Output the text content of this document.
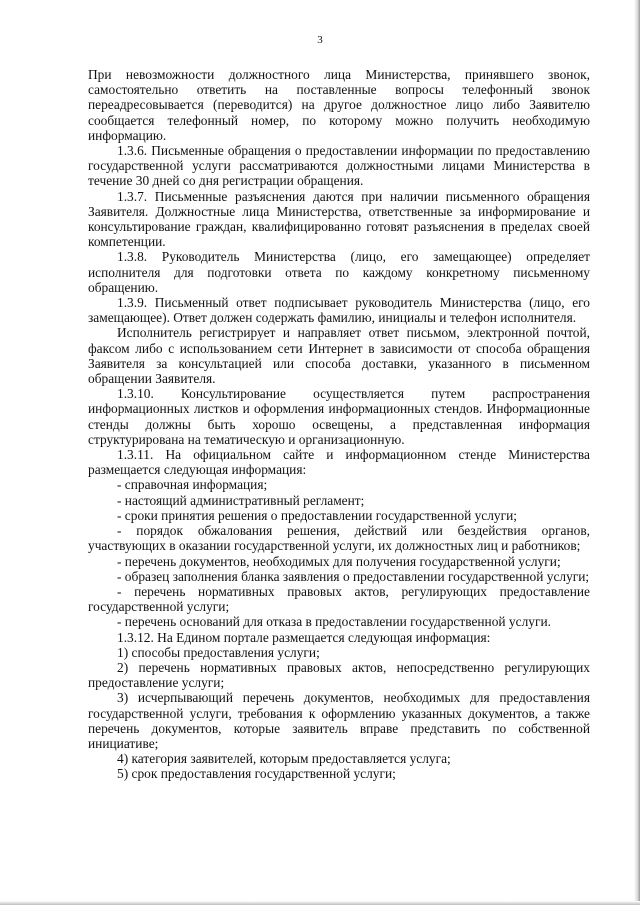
3

При невозможности должностного лица Министерства, принявшего звонок, самостоятельно ответить на поставленные вопросы телефонный звонок переадресовывается (переводится) на другое должностное лицо либо Заявителю сообщается телефонный номер, по которому можно получить необходимую информацию.

1.3.6. Письменные обращения о предоставлении информации по предоставлению государственной услуги рассматриваются должностными лицами Министерства в течение 30 дней со дня регистрации обращения.

1.3.7. Письменные разъяснения даются при наличии письменного обращения Заявителя. Должностные лица Министерства, ответственные за информирование и консультирование граждан, квалифицированно готовят разъяснения в пределах своей компетенции.

1.3.8. Руководитель Министерства (лицо, его замещающее) определяет исполнителя для подготовки ответа по каждому конкретному письменному обращению.

1.3.9. Письменный ответ подписывает руководитель Министерства (лицо, его замещающее). Ответ должен содержать фамилию, инициалы и телефон исполнителя.

Исполнитель регистрирует и направляет ответ письмом, электронной почтой, факсом либо с использованием сети Интернет в зависимости от способа обращения Заявителя за консультацией или способа доставки, указанного в письменном обращении Заявителя.

1.3.10. Консультирование осуществляется путем распространения информационных листков и оформления информационных стендов. Информационные стенды должны быть хорошо освещены, а представленная информация структурирована на тематическую и организационную.

1.3.11. На официальном сайте и информационном стенде Министерства размещается следующая информация:

- справочная информация;

- настоящий административный регламент;

- сроки принятия решения о предоставлении государственной услуги;

- порядок обжалования решения, действий или бездействия органов, участвующих в оказании государственной услуги, их должностных лиц и работников;

- перечень документов, необходимых для получения государственной услуги;

- образец заполнения бланка заявления о предоставлении государственной услуги;

- перечень нормативных правовых актов, регулирующих предоставление государственной услуги;

- перечень оснований для отказа в предоставлении государственной услуги.

1.3.12. На Едином портале размещается следующая информация:

1) способы предоставления услуги;

2) перечень нормативных правовых актов, непосредственно регулирующих предоставление услуги;

3) исчерпывающий перечень документов, необходимых для предоставления государственной услуги, требования к оформлению указанных документов, а также перечень документов, которые заявитель вправе представить по собственной инициативе;

4) категория заявителей, которым предоставляется услуга;

5) срок предоставления государственной услуги;
